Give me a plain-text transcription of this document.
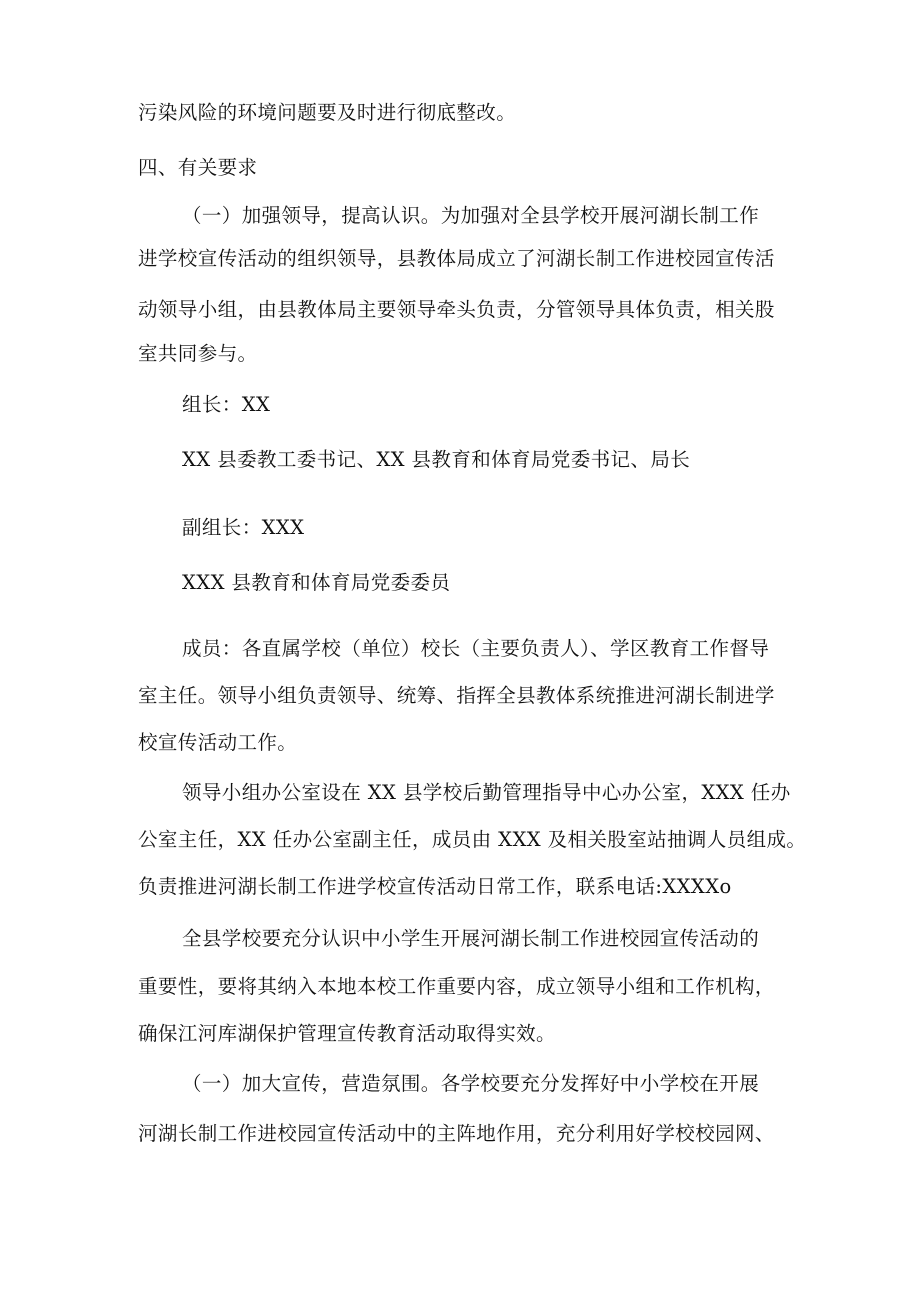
污染风险的环境问题要及时进行彻底整改。
四、有关要求
（一）加强领导，提高认识。为加强对全县学校开展河湖长制工作
进学校宣传活动的组织领导，县教体局成立了河湖长制工作进校园宣传活
动领导小组，由县教体局主要领导牵头负责，分管领导具体负责，相关股
室共同参与。
组长：XX
XX 县委教工委书记、XX 县教育和体育局党委书记、局长
副组长：XXX
XXX 县教育和体育局党委委员
成员：各直属学校（单位）校长（主要负责人）、学区教育工作督导
室主任。领导小组负责领导、统筹、指挥全县教体系统推进河湖长制进学
校宣传活动工作。
领导小组办公室设在 XX 县学校后勤管理指导中心办公室，XXX 任办
公室主任，XX 任办公室副主任，成员由 XXX 及相关股室站抽调人员组成。
负责推进河湖长制工作进学校宣传活动日常工作，联系电话:XXXXo
全县学校要充分认识中小学生开展河湖长制工作进校园宣传活动的
重要性，要将其纳入本地本校工作重要内容，成立领导小组和工作机构，
确保江河库湖保护管理宣传教育活动取得实效。
（一）加大宣传，营造氛围。各学校要充分发挥好中小学校在开展
河湖长制工作进校园宣传活动中的主阵地作用，充分利用好学校校园网、
